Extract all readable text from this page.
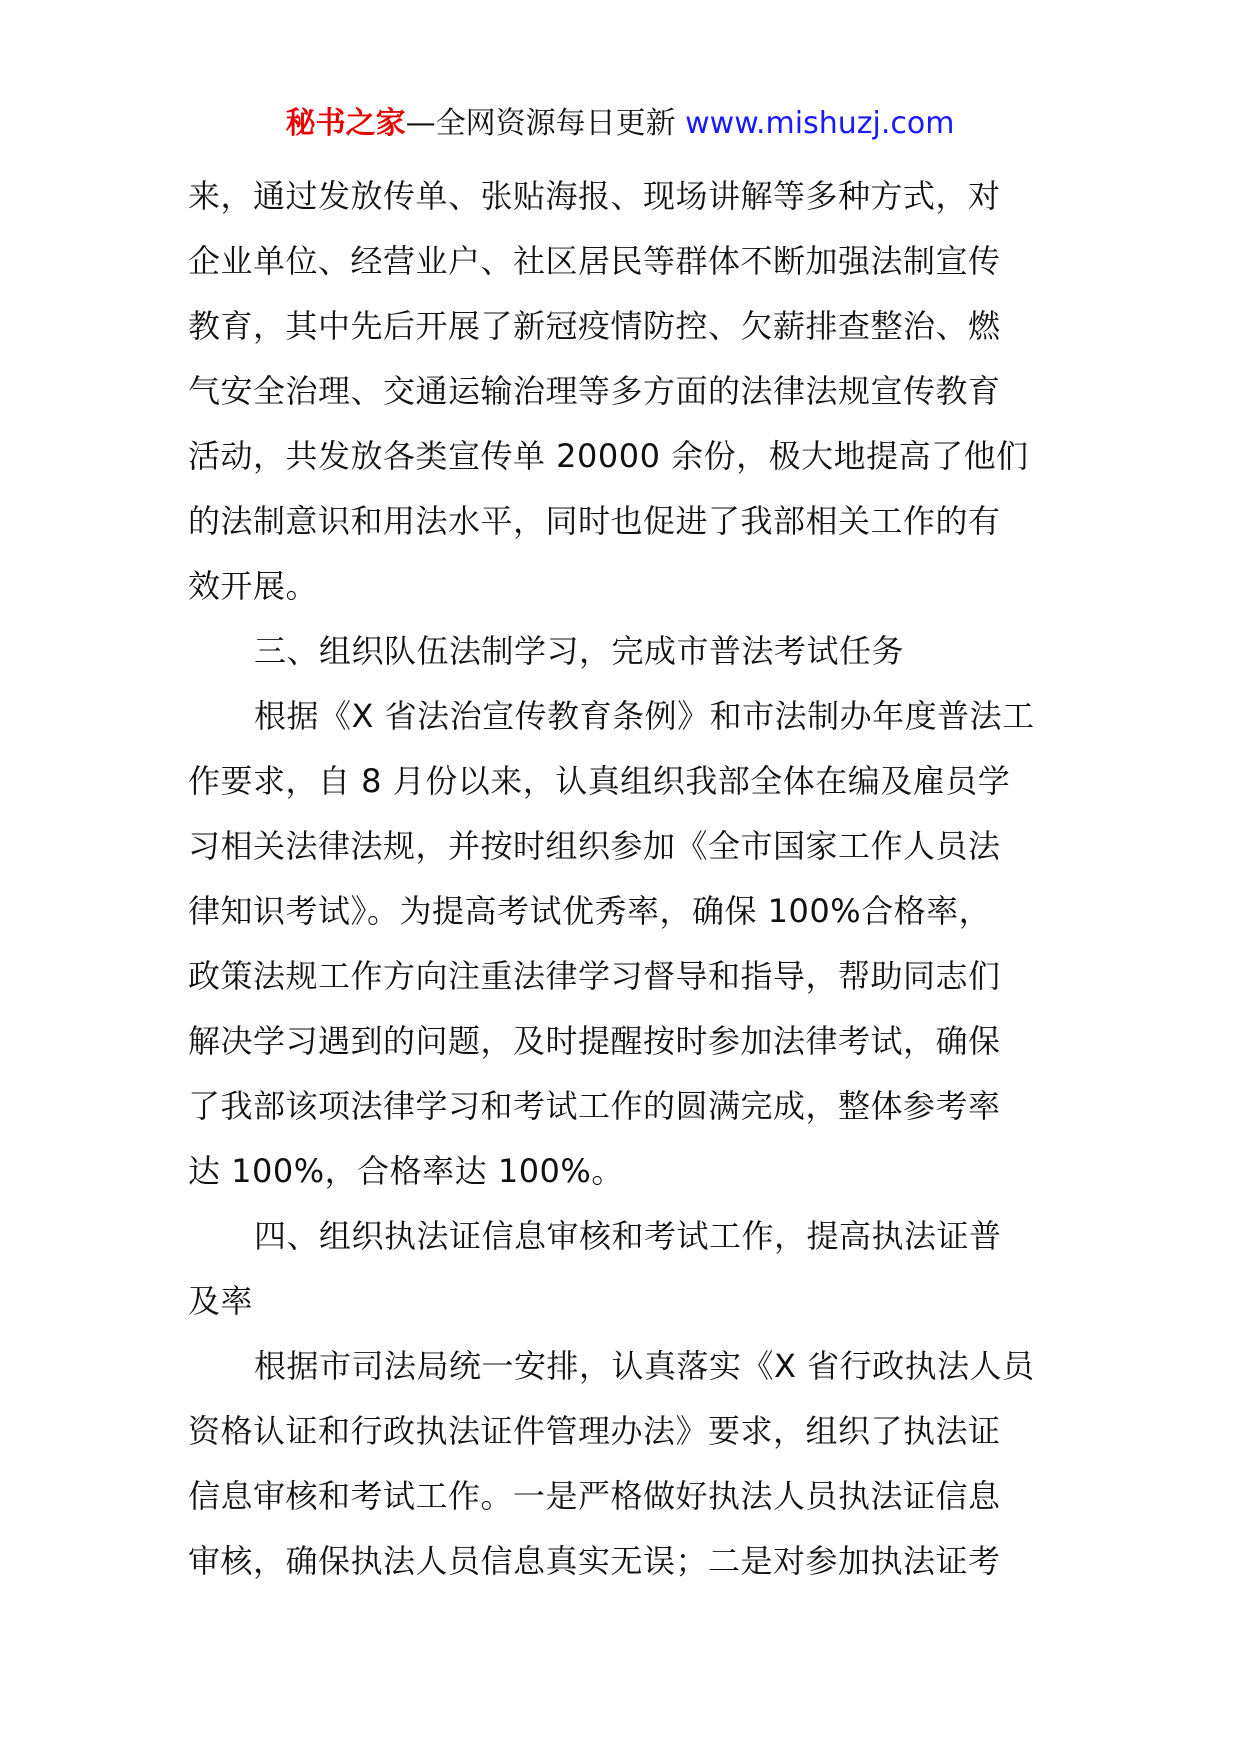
秘书之家—全网资源每日更新 www.mishuzj.com
来，通过发放传单、张贴海报、现场讲解等多种方式，对
企业单位、经营业户、社区居民等群体不断加强法制宣传
教育，其中先后开展了新冠疫情防控、欠薪排查整治、燃
气安全治理、交通运输治理等多方面的法律法规宣传教育
活动，共发放各类宣传单 20000 余份，极大地提高了他们
的法制意识和用法水平，同时也促进了我部相关工作的有
效开展。
三、组织队伍法制学习，完成市普法考试任务
根据《X 省法治宣传教育条例》和市法制办年度普法工
作要求，自 8 月份以来，认真组织我部全体在编及雇员学
习相关法律法规，并按时组织参加《全市国家工作人员法
律知识考试》。为提高考试优秀率，确保 100%合格率，
政策法规工作方向注重法律学习督导和指导，帮助同志们
解决学习遇到的问题，及时提醒按时参加法律考试，确保
了我部该项法律学习和考试工作的圆满完成，整体参考率
达 100%，合格率达 100%。
四、组织执法证信息审核和考试工作，提高执法证普
及率
根据市司法局统一安排，认真落实《X 省行政执法人员
资格认证和行政执法证件管理办法》要求，组织了执法证
信息审核和考试工作。一是严格做好执法人员执法证信息
审核，确保执法人员信息真实无误；二是对参加执法证考
